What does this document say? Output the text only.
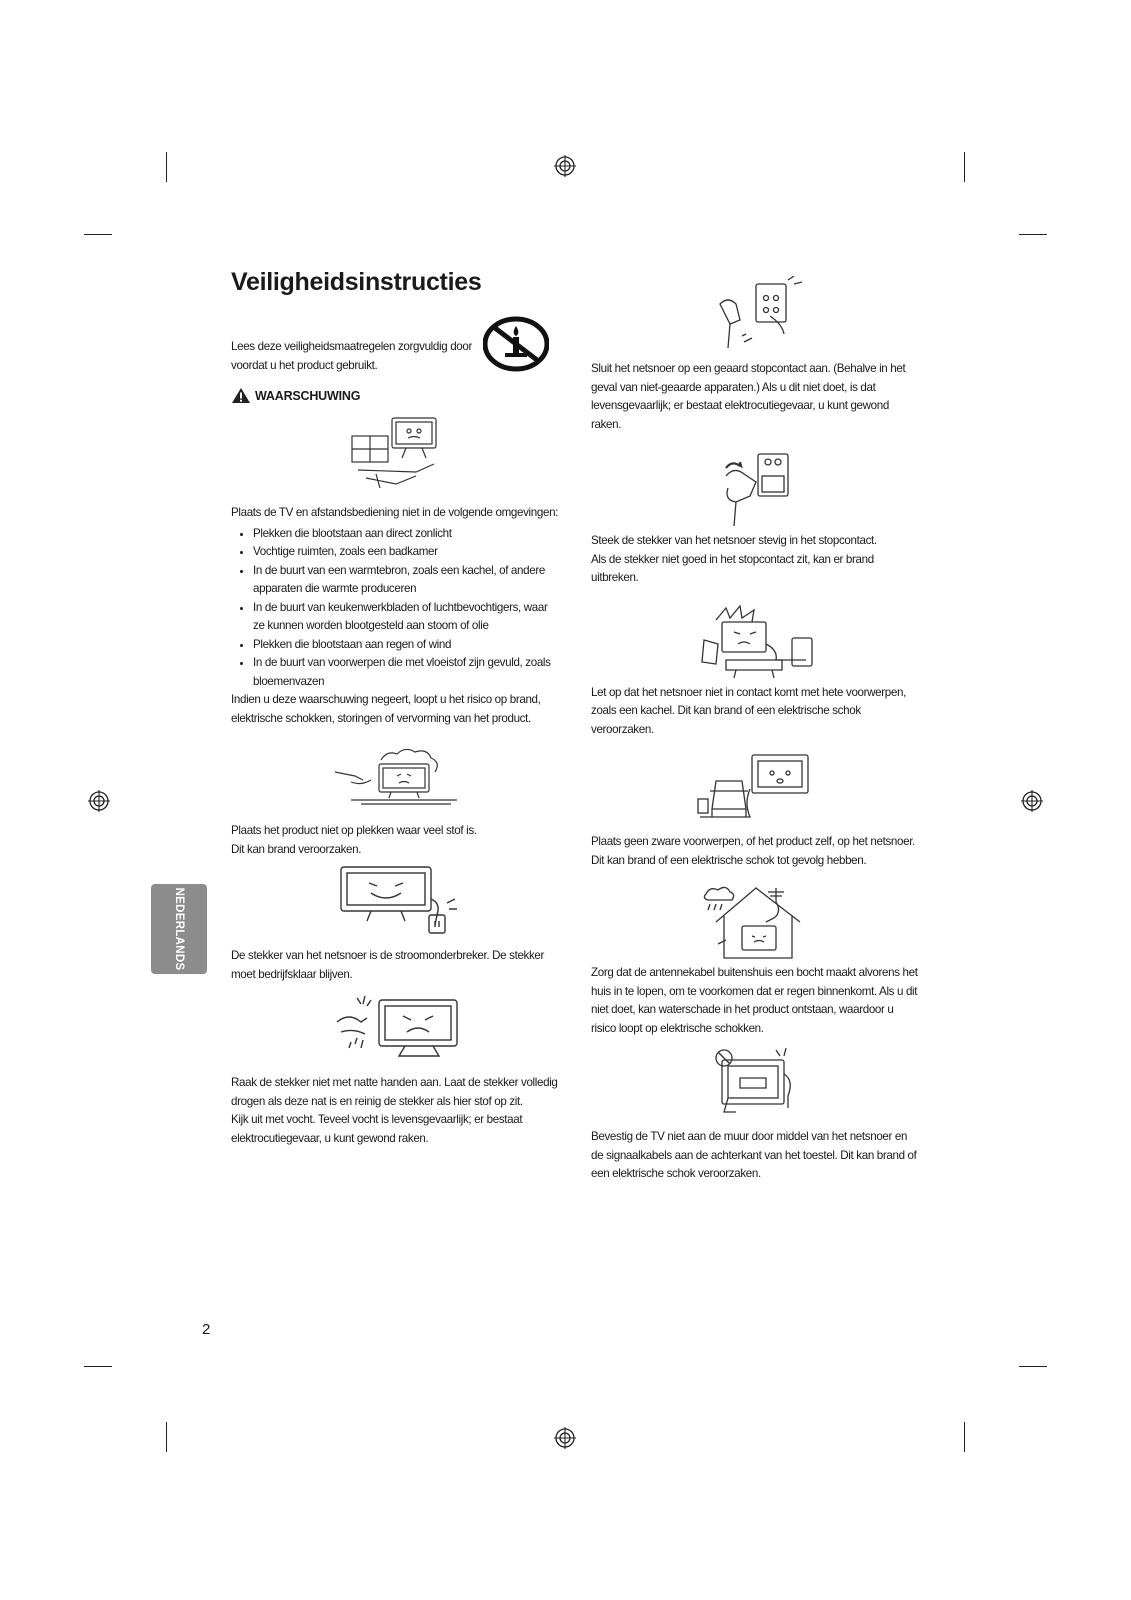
Veiligheidsinstructies
NEDERLANDS
2

Lees deze veiligheidsmaatregelen zorgvuldig door voordat u het product gebruikt.

WAARSCHUWING

Plaats de TV en afstandsbediening niet in de volgende omgevingen:

• Plekken die blootstaan aan direct zonlicht
• Vochtige ruimten, zoals een badkamer
• In de buurt van een warmtebron, zoals een kachel, of andere apparaten die warmte produceren
• In de buurt van keukenwerkbladen of luchtbevochtigers, waar ze kunnen worden blootgesteld aan stoom of olie
• Plekken die blootstaan aan regen of wind
• In de buurt van voorwerpen die met vloeistof zijn gevuld, zoals bloemenvazen

Indien u deze waarschuwing negeert, loopt u het risico op brand, elektrische schokken, storingen of vervorming van het product.

Plaats het product niet op plekken waar veel stof is.

Dit kan brand veroorzaken.

De stekker van het netsnoer is de stroomonderbreker. De stekker moet bedrijfsklaar blijven.

Raak de stekker niet met natte handen aan. Laat de stekker volledig drogen als deze nat is en reinig de stekker als hier stof op zit.

Kijk uit met vocht. Teveel vocht is levensgevaarlijk; er bestaat elektrocutiegevaar, u kunt gewond raken.

Sluit het netsnoer op een geaard stopcontact aan. (Behalve in het geval van niet-geaarde apparaten.) Als u dit niet doet, is dat levensgevaarlijk; er bestaat elektrocutiegevaar, u kunt gewond raken.

Steek de stekker van het netsnoer stevig in het stopcontact.

Als de stekker niet goed in het stopcontact zit, kan er brand uitbreken.

Let op dat het netsnoer niet in contact komt met hete voorwerpen, zoals een kachel. Dit kan brand of een elektrische schok veroorzaken.

Plaats geen zware voorwerpen, of het product zelf, op het netsnoer.

Dit kan brand of een elektrische schok tot gevolg hebben.

Zorg dat de antennekabel buitenshuis een bocht maakt alvorens het huis in te lopen, om te voorkomen dat er regen binnenkomt. Als u dit niet doet, kan waterschade in het product ontstaan, waardoor u risico loopt op elektrische schokken.

Bevestig de TV niet aan de muur door middel van het netsnoer en de signaalkabels aan de achterkant van het toestel. Dit kan brand of een elektrische schok veroorzaken.
